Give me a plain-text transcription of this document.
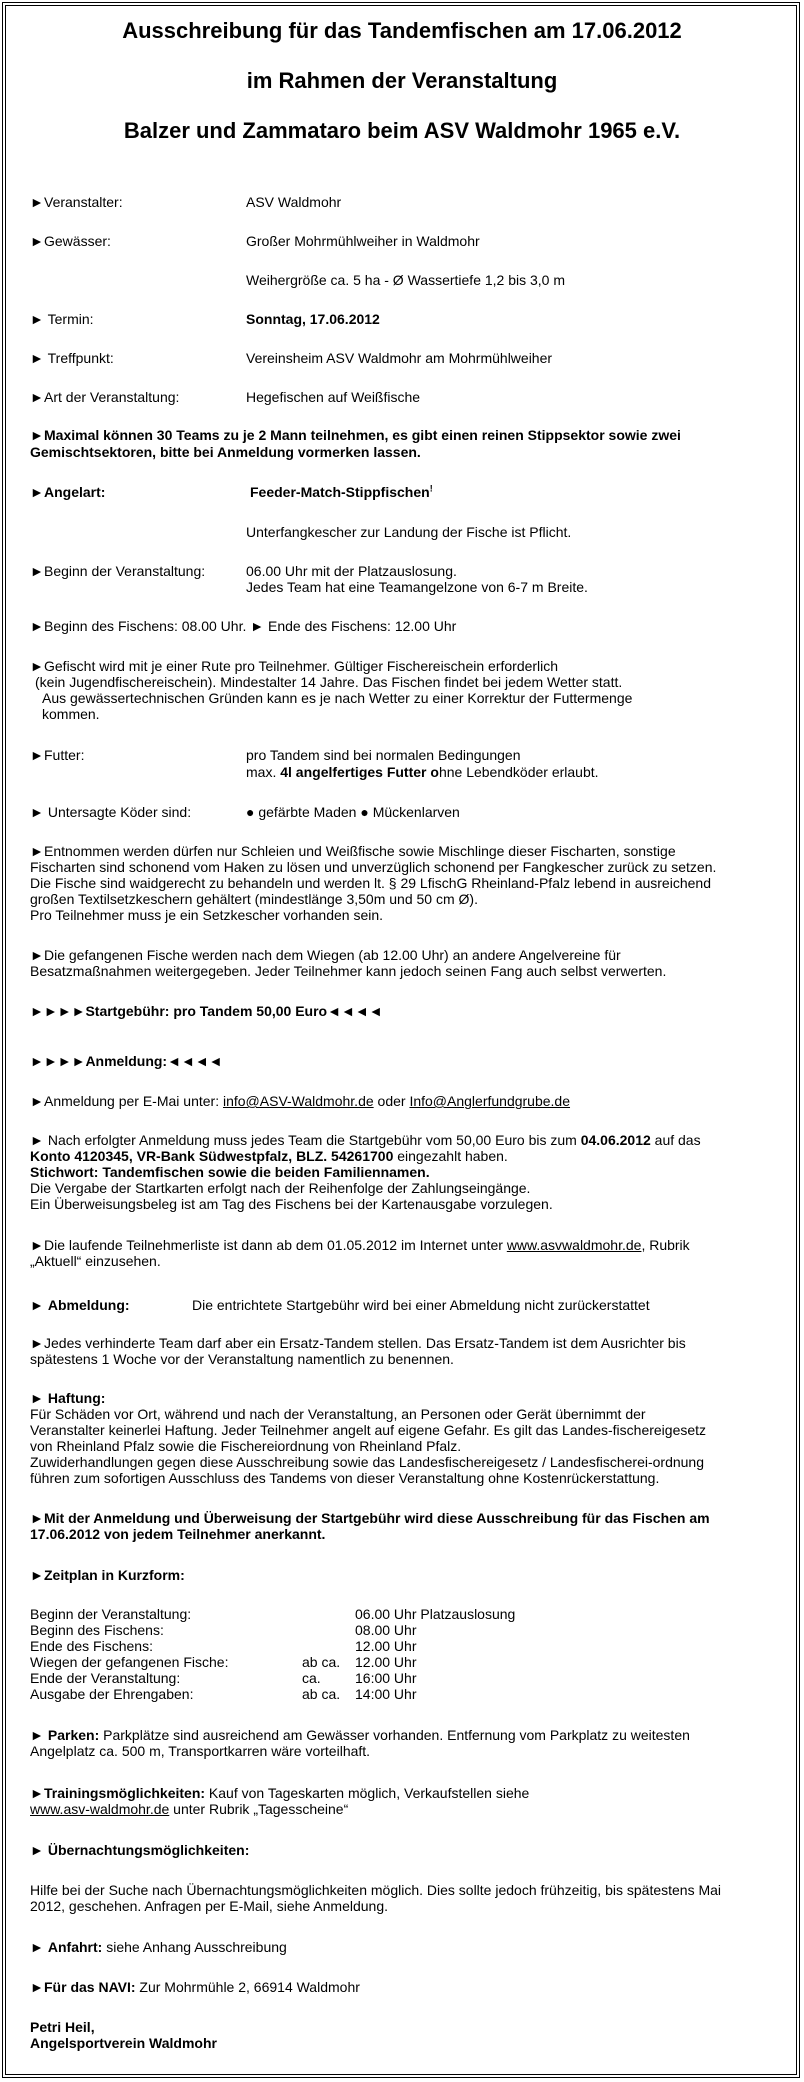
Ausschreibung für das Tandemfischen am 17.06.2012
im Rahmen der Veranstaltung
Balzer und Zammataro beim ASV Waldmohr 1965 e.V.
►Veranstalter:	ASV Waldmohr
►Gewässer:	Großer Mohrmühlweiher in Waldmohr
Weihergröße ca. 5 ha - Ø Wassertiefe 1,2 bis 3,0 m
► Termin:	Sonntag, 17.06.2012
► Treffpunkt:	Vereinsheim ASV Waldmohr am Mohrmühlweiher
►Art der Veranstaltung:	Hegefischen auf Weißfische
►Maximal können 30 Teams zu je 2 Mann teilnehmen, es gibt einen reinen Stippsektor sowie zwei
Gemischtsektoren, bitte bei Anmeldung vormerken lassen.
►Angelart:	Feeder-Match-Stippfischen!
Unterfangkescher zur Landung der Fische ist Pflicht.
►Beginn der Veranstaltung:	06.00 Uhr mit der Platzauslosung.
Jedes Team hat eine Teamangelzone von 6-7 m Breite.
►Beginn des Fischens: 08.00 Uhr. ► Ende des Fischens: 12.00 Uhr
►Gefischt wird mit je einer Rute pro Teilnehmer. Gültiger Fischereischein erforderlich
(kein Jugendfischereischein). Mindestalter 14 Jahre. Das Fischen findet bei jedem Wetter statt.
Aus gewässertechnischen Gründen kann es je nach Wetter zu einer Korrektur der Futtermenge
kommen.
►Futter:	pro Tandem sind bei normalen Bedingungen
max. 4l angelfertiges Futter ohne Lebendköder erlaubt.
► Untersagte Köder sind:	● gefärbte Maden ● Mückenlarven
►Entnommen werden dürfen nur Schleien und Weißfische sowie Mischlinge dieser Fischarten, sonstige
Fischarten sind schonend vom Haken zu lösen und unverzüglich schonend per Fangkescher zurück zu setzen.
Die Fische sind waidgerecht zu behandeln und werden lt. § 29 LfischG Rheinland-Pfalz lebend in ausreichend
großen Textilsetzkeschern gehältert (mindestlänge 3,50m und 50 cm Ø).
Pro Teilnehmer muss je ein Setzkescher vorhanden sein.
►Die gefangenen Fische werden nach dem Wiegen (ab 12.00 Uhr) an andere Angelvereine für
Besatzmaßnahmen weitergegeben. Jeder Teilnehmer kann jedoch seinen Fang auch selbst verwerten.
►►►►Startgebühr: pro Tandem 50,00 Euro◄◄◄◄
►►►►Anmeldung:◄◄◄◄
►Anmeldung per E-Mai unter: info@ASV-Waldmohr.de oder Info@Anglerfundgrube.de
► Nach erfolgter Anmeldung muss jedes Team die Startgebühr vom 50,00 Euro bis zum 04.06.2012 auf das
Konto 4120345, VR-Bank Südwestpfalz, BLZ. 54261700 eingezahlt haben.
Stichwort: Tandemfischen sowie die beiden Familiennamen.
Die Vergabe der Startkarten erfolgt nach der Reihenfolge der Zahlungseingänge.
Ein Überweisungsbeleg ist am Tag des Fischens bei der Kartenausgabe vorzulegen.
►Die laufende Teilnehmerliste ist dann ab dem 01.05.2012 im Internet unter www.asvwaldmohr.de, Rubrik
„Aktuell“ einzusehen.
► Abmeldung:	Die entrichtete Startgebühr wird bei einer Abmeldung nicht zurückerstattet
►Jedes verhinderte Team darf aber ein Ersatz-Tandem stellen. Das Ersatz-Tandem ist dem Ausrichter bis
spätestens 1 Woche vor der Veranstaltung namentlich zu benennen.
► Haftung:
Für Schäden vor Ort, während und nach der Veranstaltung, an Personen oder Gerät übernimmt der
Veranstalter keinerlei Haftung. Jeder Teilnehmer angelt auf eigene Gefahr. Es gilt das Landes-fischereigesetz
von Rheinland Pfalz sowie die Fischereiordnung von Rheinland Pfalz.
Zuwiderhandlungen gegen diese Ausschreibung sowie das Landesfischereigesetz / Landesfischerei-ordnung
führen zum sofortigen Ausschluss des Tandems von dieser Veranstaltung ohne Kostenrückerstattung.
►Mit der Anmeldung und Überweisung der Startgebühr wird diese Ausschreibung für das Fischen am
17.06.2012 von jedem Teilnehmer anerkannt.
►Zeitplan in Kurzform:
Beginn der Veranstaltung:	06.00 Uhr Platzauslosung
Beginn des Fischens:	08.00 Uhr
Ende des Fischens:	12.00 Uhr
Wiegen der gefangenen Fische:	ab ca. 12.00 Uhr
Ende der Veranstaltung:	ca. 16:00 Uhr
Ausgabe der Ehrengaben:	ab ca. 14:00 Uhr
► Parken: Parkplätze sind ausreichend am Gewässer vorhanden. Entfernung vom Parkplatz zu weitesten
Angelplatz ca. 500 m, Transportkarren wäre vorteilhaft.
►Trainingsmöglichkeiten: Kauf von Tageskarten möglich, Verkaufstellen siehe
www.asv-waldmohr.de unter Rubrik „Tagesscheine“
► Übernachtungsmöglichkeiten:
Hilfe bei der Suche nach Übernachtungsmöglichkeiten möglich. Dies sollte jedoch frühzeitig, bis spätestens Mai
2012, geschehen. Anfragen per E-Mail, siehe Anmeldung.
► Anfahrt: siehe Anhang Ausschreibung
►Für das NAVI: Zur Mohrmühle 2, 66914 Waldmohr
Petri Heil,
Angelsportverein Waldmohr
